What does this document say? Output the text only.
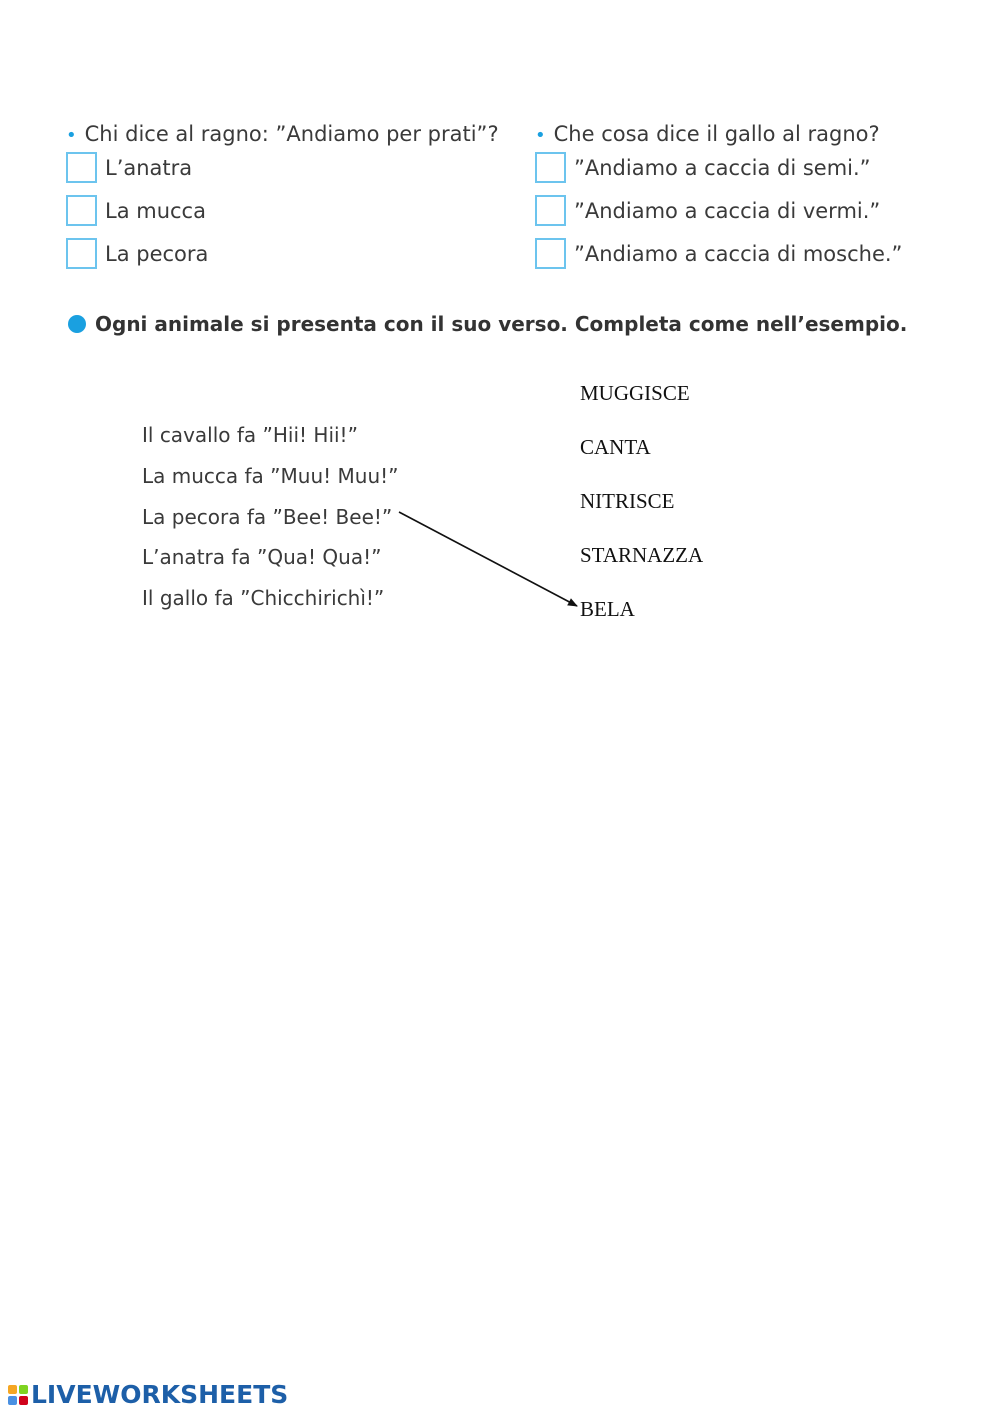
• Chi dice al ragno: ”Andiamo per prati”?
L’anatra
La mucca
La pecora
• Che cosa dice il gallo al ragno?
”Andiamo a caccia di semi.”
”Andiamo a caccia di vermi.”
”Andiamo a caccia di mosche.”
Ogni animale si presenta con il suo verso. Completa come nell’esempio.
Il cavallo fa ”Hii! Hii!”
La mucca fa ”Muu! Muu!”
La pecora fa ”Bee! Bee!”
L’anatra fa ”Qua! Qua!”
Il gallo fa ”Chicchirichì!”
MUGGISCE
CANTA
NITRISCE
STARNAZZA
BELA
LIVEWORKSHEETS
